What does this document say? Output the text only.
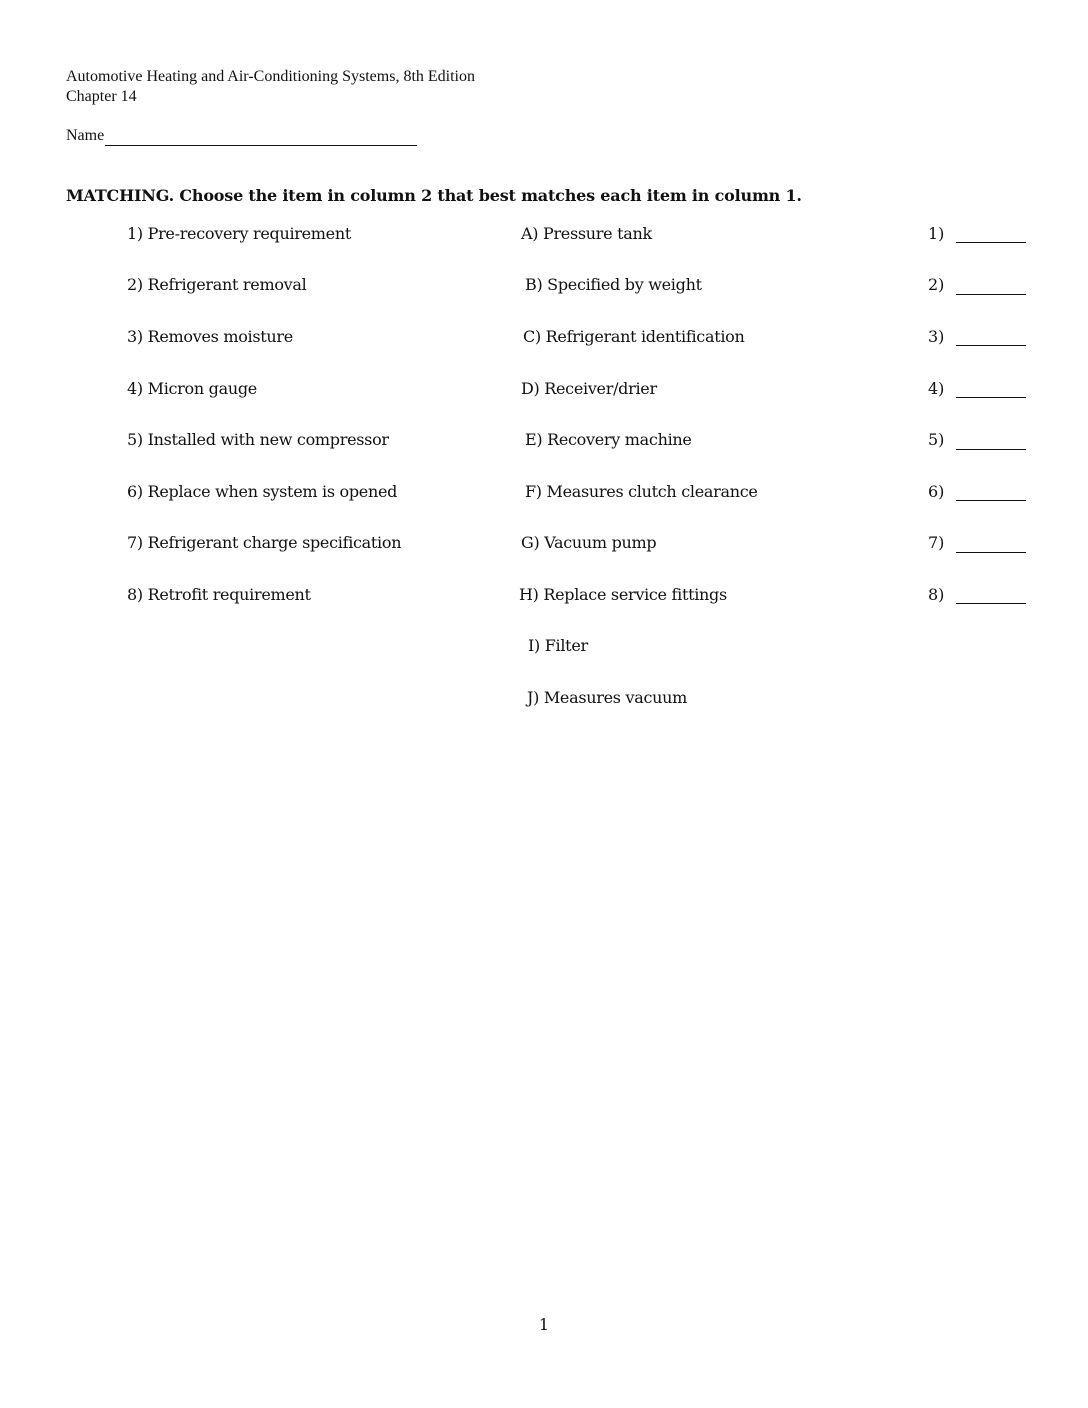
Automotive Heating and Air-Conditioning Systems, 8th Edition
Chapter 14
Name
MATCHING. Choose the item in column 2 that best matches each item in column 1.
1) Pre-recovery requirement
2) Refrigerant removal
3) Removes moisture
4) Micron gauge
5) Installed with new compressor
6) Replace when system is opened
7) Refrigerant charge specification
8) Retrofit requirement
A) Pressure tank
B) Specified by weight
C) Refrigerant identification
D) Receiver/drier
E) Recovery machine
F) Measures clutch clearance
G) Vacuum pump
H) Replace service fittings
I) Filter
J) Measures vacuum
1)
2)
3)
4)
5)
6)
7)
8)
1
